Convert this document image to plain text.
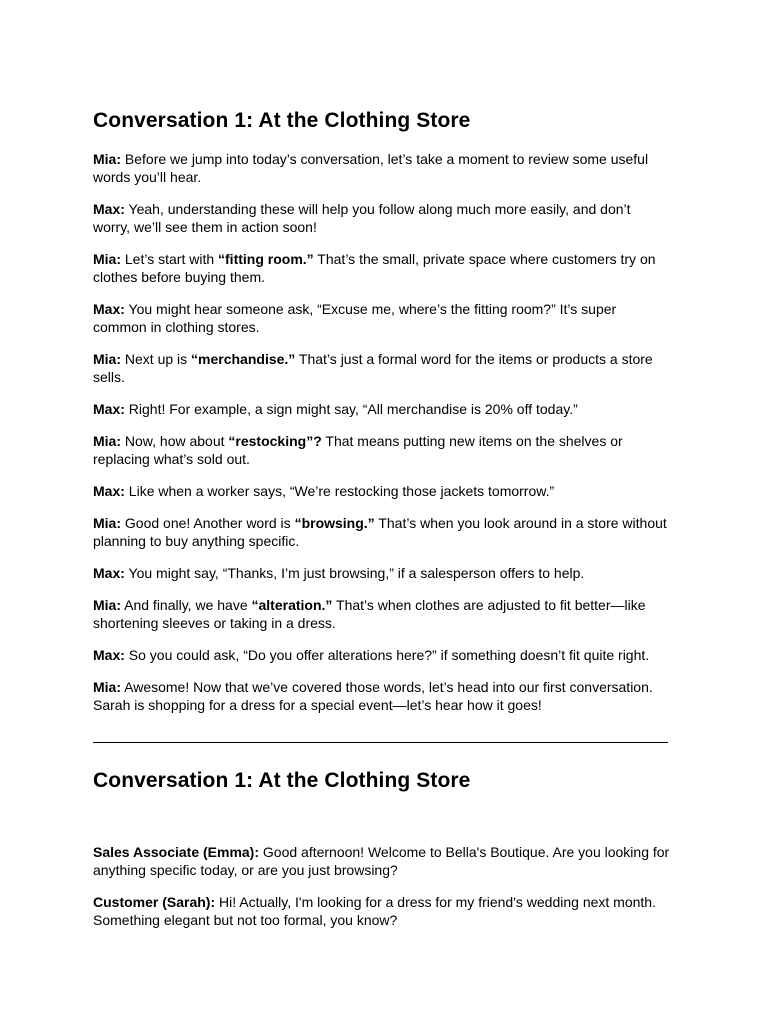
Conversation 1: At the Clothing Store

Mia: Before we jump into today’s conversation, let’s take a moment to review some useful words you’ll hear.

Max: Yeah, understanding these will help you follow along much more easily, and don’t worry, we’ll see them in action soon!

Mia: Let’s start with “fitting room.” That’s the small, private space where customers try on clothes before buying them.

Max: You might hear someone ask, “Excuse me, where’s the fitting room?” It’s super common in clothing stores.

Mia: Next up is “merchandise.” That’s just a formal word for the items or products a store sells.

Max: Right! For example, a sign might say, “All merchandise is 20% off today.”

Mia: Now, how about “restocking”? That means putting new items on the shelves or replacing what’s sold out.

Max: Like when a worker says, “We’re restocking those jackets tomorrow.”

Mia: Good one! Another word is “browsing.” That’s when you look around in a store without planning to buy anything specific.

Max: You might say, “Thanks, I’m just browsing,” if a salesperson offers to help.

Mia: And finally, we have “alteration.” That’s when clothes are adjusted to fit better—like shortening sleeves or taking in a dress.

Max: So you could ask, “Do you offer alterations here?” if something doesn’t fit quite right.

Mia: Awesome! Now that we’ve covered those words, let’s head into our first conversation. Sarah is shopping for a dress for a special event—let’s hear how it goes!

Conversation 1: At the Clothing Store

Sales Associate (Emma): Good afternoon! Welcome to Bella's Boutique. Are you looking for anything specific today, or are you just browsing?

Customer (Sarah): Hi! Actually, I'm looking for a dress for my friend's wedding next month. Something elegant but not too formal, you know?
